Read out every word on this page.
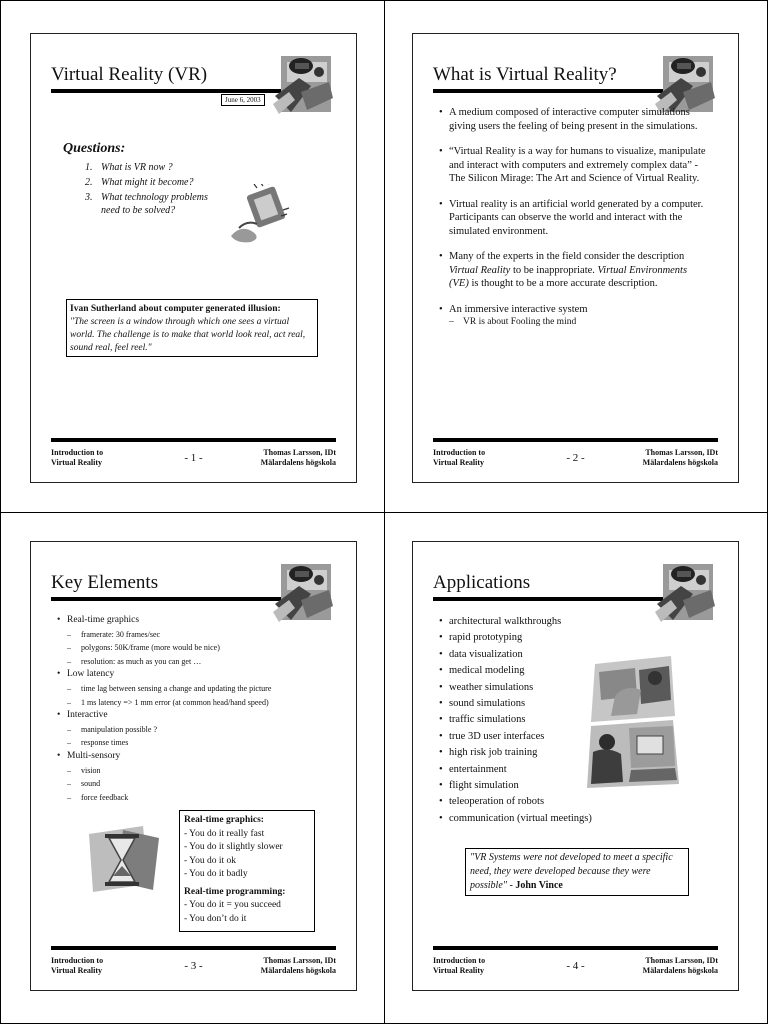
Virtual Reality (VR)
June 6, 2003
Questions:
1. What is VR now ?
2. What might it become?
3. What technology problems need to be solved?
Ivan Sutherland about computer generated illusion:
"The screen is a window through which one sees a virtual world. The challenge is to make that world look real, act real, sound real, feel reel."
Introduction to
Virtual Reality	- 1 -	Thomas Larsson, IDt
Mälardalens högskola
What is Virtual Reality?
• A medium composed of interactive computer simulations giving users the feeling of being present in the simulations.
• “Virtual Reality is a way for humans to visualize, manipulate and interact with computers and extremely complex data” - The Silicon Mirage: The Art and Science of Virtual Reality.
• Virtual reality is an artificial world generated by a computer. Participants can observe the world and interact with the simulated environment.
• Many of the experts in the field consider the description Virtual Reality to be inappropriate. Virtual Environments (VE) is thought to be a more accurate description.
• An immersive interactive system
– VR is about Fooling the mind
Introduction to
Virtual Reality	- 2 -	Thomas Larsson, IDt
Mälardalens högskola
Key Elements
• Real-time graphics
– framerate: 30 frames/sec
– polygons: 50K/frame (more would be nice)
– resolution: as much as you can get …
• Low latency
– time lag between sensing a change and updating the picture
– 1 ms latency => 1 mm error (at common head/hand speed)
• Interactive
– manipulation possible ?
– response times
• Multi-sensory
– vision
– sound
– force feedback
Real-time graphics:
- You do it really fast
- You do it slightly slower
- You do it ok
- You do it badly
Real-time programming:
- You do it = you succeed
- You don’t do it
Introduction to
Virtual Reality	- 3 -	Thomas Larsson, IDt
Mälardalens högskola
Applications
• architectural walkthroughs
• rapid prototyping
• data visualization
• medical modeling
• weather simulations
• sound simulations
• traffic simulations
• true 3D user interfaces
• high risk job training
• entertainment
• flight simulation
• teleoperation of robots
• communication (virtual meetings)
"VR Systems were not developed to meet a specific need, they were developed because they were possible" - John Vince
Introduction to
Virtual Reality	- 4 -	Thomas Larsson, IDt
Mälardalens högskola
